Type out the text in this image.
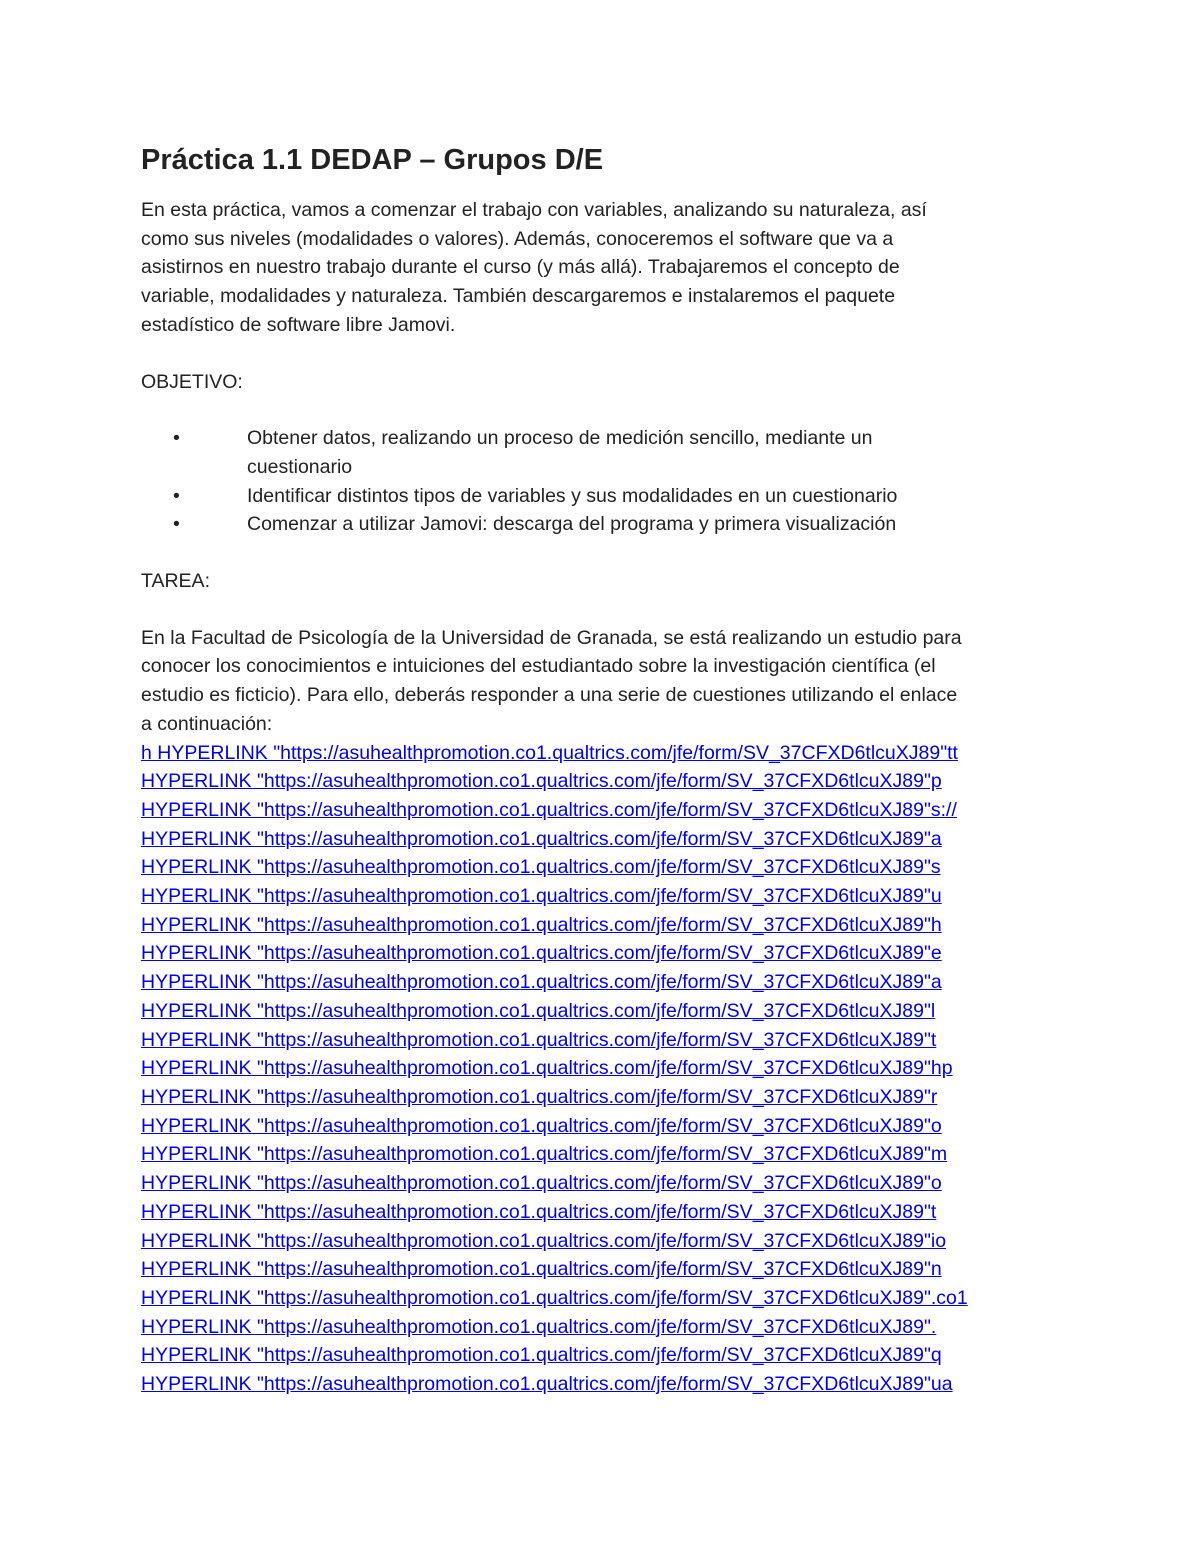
Práctica 1.1 DEDAP – Grupos D/E
En esta práctica, vamos a comenzar el trabajo con variables, analizando su naturaleza, así
como sus niveles (modalidades o valores). Además, conoceremos el software que va a
asistirnos en nuestro trabajo durante el curso (y más allá). Trabajaremos el concepto de
variable, modalidades y naturaleza. También descargaremos e instalaremos el paquete
estadístico de software libre Jamovi.
OBJETIVO:
•	Obtener datos, realizando un proceso de medición sencillo, mediante un
cuestionario
•	Identificar distintos tipos de variables y sus modalidades en un cuestionario
•	Comenzar a utilizar Jamovi: descarga del programa y primera visualización
TAREA:
En la Facultad de Psicología de la Universidad de Granada, se está realizando un estudio para
conocer los conocimientos e intuiciones del estudiantado sobre la investigación científica (el
estudio es ficticio). Para ello, deberás responder a una serie de cuestiones utilizando el enlace
a continuación:
h HYPERLINK "https://asuhealthpromotion.co1.qualtrics.com/jfe/form/SV_37CFXD6tlcuXJ89"tt
HYPERLINK "https://asuhealthpromotion.co1.qualtrics.com/jfe/form/SV_37CFXD6tlcuXJ89"p
HYPERLINK "https://asuhealthpromotion.co1.qualtrics.com/jfe/form/SV_37CFXD6tlcuXJ89"s://
HYPERLINK "https://asuhealthpromotion.co1.qualtrics.com/jfe/form/SV_37CFXD6tlcuXJ89"a
HYPERLINK "https://asuhealthpromotion.co1.qualtrics.com/jfe/form/SV_37CFXD6tlcuXJ89"s
HYPERLINK "https://asuhealthpromotion.co1.qualtrics.com/jfe/form/SV_37CFXD6tlcuXJ89"u
HYPERLINK "https://asuhealthpromotion.co1.qualtrics.com/jfe/form/SV_37CFXD6tlcuXJ89"h
HYPERLINK "https://asuhealthpromotion.co1.qualtrics.com/jfe/form/SV_37CFXD6tlcuXJ89"e
HYPERLINK "https://asuhealthpromotion.co1.qualtrics.com/jfe/form/SV_37CFXD6tlcuXJ89"a
HYPERLINK "https://asuhealthpromotion.co1.qualtrics.com/jfe/form/SV_37CFXD6tlcuXJ89"l
HYPERLINK "https://asuhealthpromotion.co1.qualtrics.com/jfe/form/SV_37CFXD6tlcuXJ89"t
HYPERLINK "https://asuhealthpromotion.co1.qualtrics.com/jfe/form/SV_37CFXD6tlcuXJ89"hp
HYPERLINK "https://asuhealthpromotion.co1.qualtrics.com/jfe/form/SV_37CFXD6tlcuXJ89"r
HYPERLINK "https://asuhealthpromotion.co1.qualtrics.com/jfe/form/SV_37CFXD6tlcuXJ89"o
HYPERLINK "https://asuhealthpromotion.co1.qualtrics.com/jfe/form/SV_37CFXD6tlcuXJ89"m
HYPERLINK "https://asuhealthpromotion.co1.qualtrics.com/jfe/form/SV_37CFXD6tlcuXJ89"o
HYPERLINK "https://asuhealthpromotion.co1.qualtrics.com/jfe/form/SV_37CFXD6tlcuXJ89"t
HYPERLINK "https://asuhealthpromotion.co1.qualtrics.com/jfe/form/SV_37CFXD6tlcuXJ89"io
HYPERLINK "https://asuhealthpromotion.co1.qualtrics.com/jfe/form/SV_37CFXD6tlcuXJ89"n
HYPERLINK "https://asuhealthpromotion.co1.qualtrics.com/jfe/form/SV_37CFXD6tlcuXJ89".co1
HYPERLINK "https://asuhealthpromotion.co1.qualtrics.com/jfe/form/SV_37CFXD6tlcuXJ89".
HYPERLINK "https://asuhealthpromotion.co1.qualtrics.com/jfe/form/SV_37CFXD6tlcuXJ89"q
HYPERLINK "https://asuhealthpromotion.co1.qualtrics.com/jfe/form/SV_37CFXD6tlcuXJ89"ua
